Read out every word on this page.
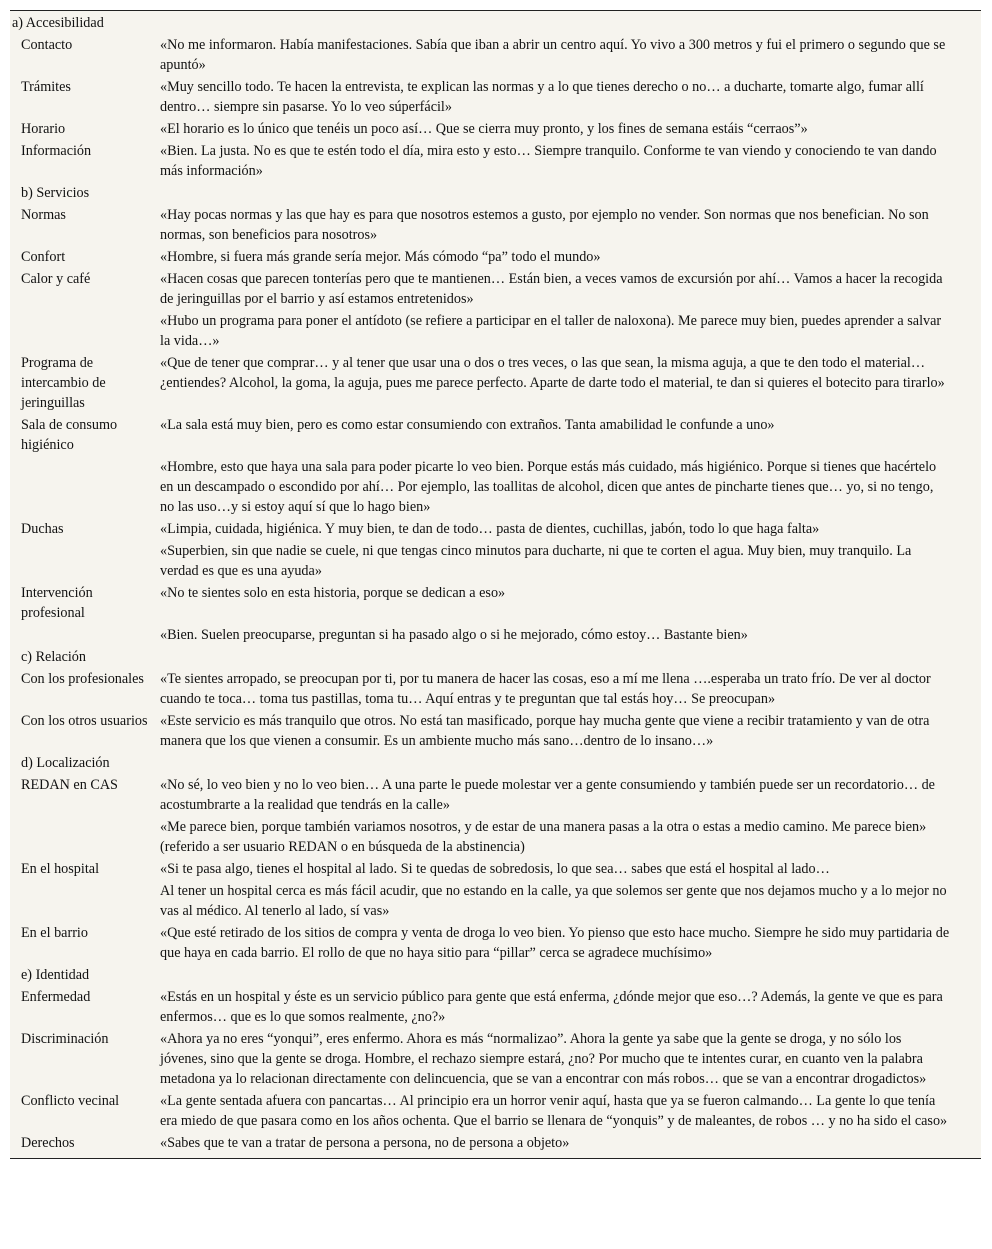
a) Accesibilidad	
Contacto	«No me informaron. Había manifestaciones. Sabía que iban a abrir un centro aquí. Yo vivo a 300 metros y fui el primero o segundo que se apuntó»
Trámites	«Muy sencillo todo. Te hacen la entrevista, te explican las normas y a lo que tienes derecho o no… a ducharte, tomarte algo, fumar allí dentro… siempre sin pasarse. Yo lo veo súperfácil»
Horario	«El horario es lo único que tenéis un poco así… Que se cierra muy pronto, y los fines de semana estáis “cerraos”»
Información	«Bien. La justa. No es que te estén todo el día, mira esto y esto… Siempre tranquilo. Conforme te van viendo y conociendo te van dando más información»
b) Servicios	
Normas	«Hay pocas normas y las que hay es para que nosotros estemos a gusto, por ejemplo no vender. Son normas que nos benefician. No son normas, son beneficios para nosotros»
Confort	«Hombre, si fuera más grande sería mejor. Más cómodo “pa” todo el mundo»
Calor y café	«Hacen cosas que parecen tonterías pero que te mantienen… Están bien, a veces vamos de excursión por ahí… Vamos a hacer la recogida de jeringuillas por el barrio y así estamos entretenidos»
	«Hubo un programa para poner el antídoto (se refiere a participar en el taller de naloxona). Me parece muy bien, puedes aprender a salvar la vida…»
Programa de intercambio de jeringuillas	«Que de tener que comprar… y al tener que usar una o dos o tres veces, o las que sean, la misma aguja, a que te den todo el material… ¿entiendes? Alcohol, la goma, la aguja, pues me parece perfecto. Aparte de darte todo el material, te dan si quieres el botecito para tirarlo»
Sala de consumo higiénico	«La sala está muy bien, pero es como estar consumiendo con extraños. Tanta amabilidad le confunde a uno»
	«Hombre, esto que haya una sala para poder picarte lo veo bien. Porque estás más cuidado, más higiénico. Porque si tienes que hacértelo en un descampado o escondido por ahí… Por ejemplo, las toallitas de alcohol, dicen que antes de pincharte tienes que… yo, si no tengo, no las uso…y si estoy aquí sí que lo hago bien»
Duchas	«Limpia, cuidada, higiénica. Y muy bien, te dan de todo… pasta de dientes, cuchillas, jabón, todo lo que haga falta»
	«Superbien, sin que nadie se cuele, ni que tengas cinco minutos para ducharte, ni que te corten el agua. Muy bien, muy tranquilo. La verdad es que es una ayuda»
Intervención profesional	«No te sientes solo en esta historia, porque se dedican a eso»
	«Bien. Suelen preocuparse, preguntan si ha pasado algo o si he mejorado, cómo estoy… Bastante bien»
c) Relación	
Con los profesionales	«Te sientes arropado, se preocupan por ti, por tu manera de hacer las cosas, eso a mí me llena ….esperaba un trato frío. De ver al doctor cuando te toca… toma tus pastillas, toma tu… Aquí entras y te preguntan que tal estás hoy… Se preocupan»
Con los otros usuarios	«Este servicio es más tranquilo que otros. No está tan masificado, porque hay mucha gente que viene a recibir tratamiento y van de otra manera que los que vienen a consumir. Es un ambiente mucho más sano…dentro de lo insano…»
d) Localización	
REDAN en CAS	«No sé, lo veo bien y no lo veo bien… A una parte le puede molestar ver a gente consumiendo y también puede ser un recordatorio… de acostumbrarte a la realidad que tendrás en la calle»
	«Me parece bien, porque también variamos nosotros, y de estar de una manera pasas a la otra o estas a medio camino. Me parece bien» (referido a ser usuario REDAN o en búsqueda de la abstinencia)
En el hospital	«Si te pasa algo, tienes el hospital al lado. Si te quedas de sobredosis, lo que sea… sabes que está el hospital al lado…
	Al tener un hospital cerca es más fácil acudir, que no estando en la calle, ya que solemos ser gente que nos dejamos mucho y a lo mejor no vas al médico. Al tenerlo al lado, sí vas»
En el barrio	«Que esté retirado de los sitios de compra y venta de droga lo veo bien. Yo pienso que esto hace mucho. Siempre he sido muy partidaria de que haya en cada barrio. El rollo de que no haya sitio para “pillar” cerca se agradece muchísimo»
e) Identidad	
Enfermedad	«Estás en un hospital y éste es un servicio público para gente que está enferma, ¿dónde mejor que eso…? Además, la gente ve que es para enfermos… que es lo que somos realmente, ¿no?»
Discriminación	«Ahora ya no eres “yonqui”, eres enfermo. Ahora es más “normalizao”. Ahora la gente ya sabe que la gente se droga, y no sólo los jóvenes, sino que la gente se droga. Hombre, el rechazo siempre estará, ¿no? Por mucho que te intentes curar, en cuanto ven la palabra metadona ya lo relacionan directamente con delincuencia, que se van a encontrar con más robos… que se van a encontrar drogadictos»
Conflicto vecinal	«La gente sentada afuera con pancartas… Al principio era un horror venir aquí, hasta que ya se fueron calmando… La gente lo que tenía era miedo de que pasara como en los años ochenta. Que el barrio se llenara de “yonquis” y de maleantes, de robos … y no ha sido el caso»
Derechos	«Sabes que te van a tratar de persona a persona, no de persona a objeto»
